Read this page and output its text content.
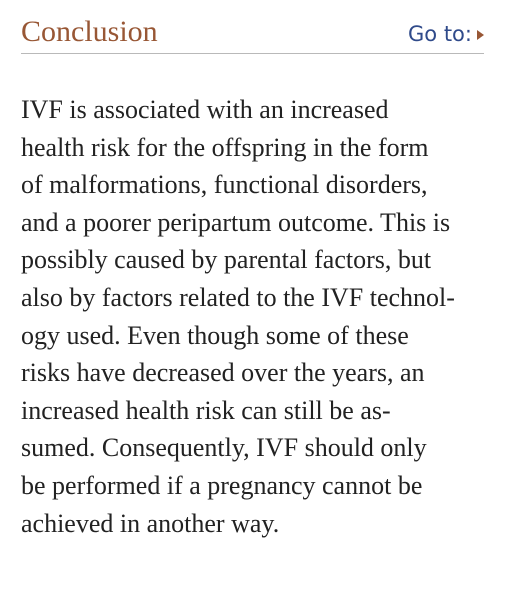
Conclusion	Go to:
IVF is associated with an increased
health risk for the offspring in the form
of malformations, functional disorders,
and a poorer peripartum outcome. This is
possibly caused by parental factors, but
also by factors related to the IVF technol-
ogy used. Even though some of these
risks have decreased over the years, an
increased health risk can still be as-
sumed. Consequently, IVF should only
be performed if a pregnancy cannot be
achieved in another way.
